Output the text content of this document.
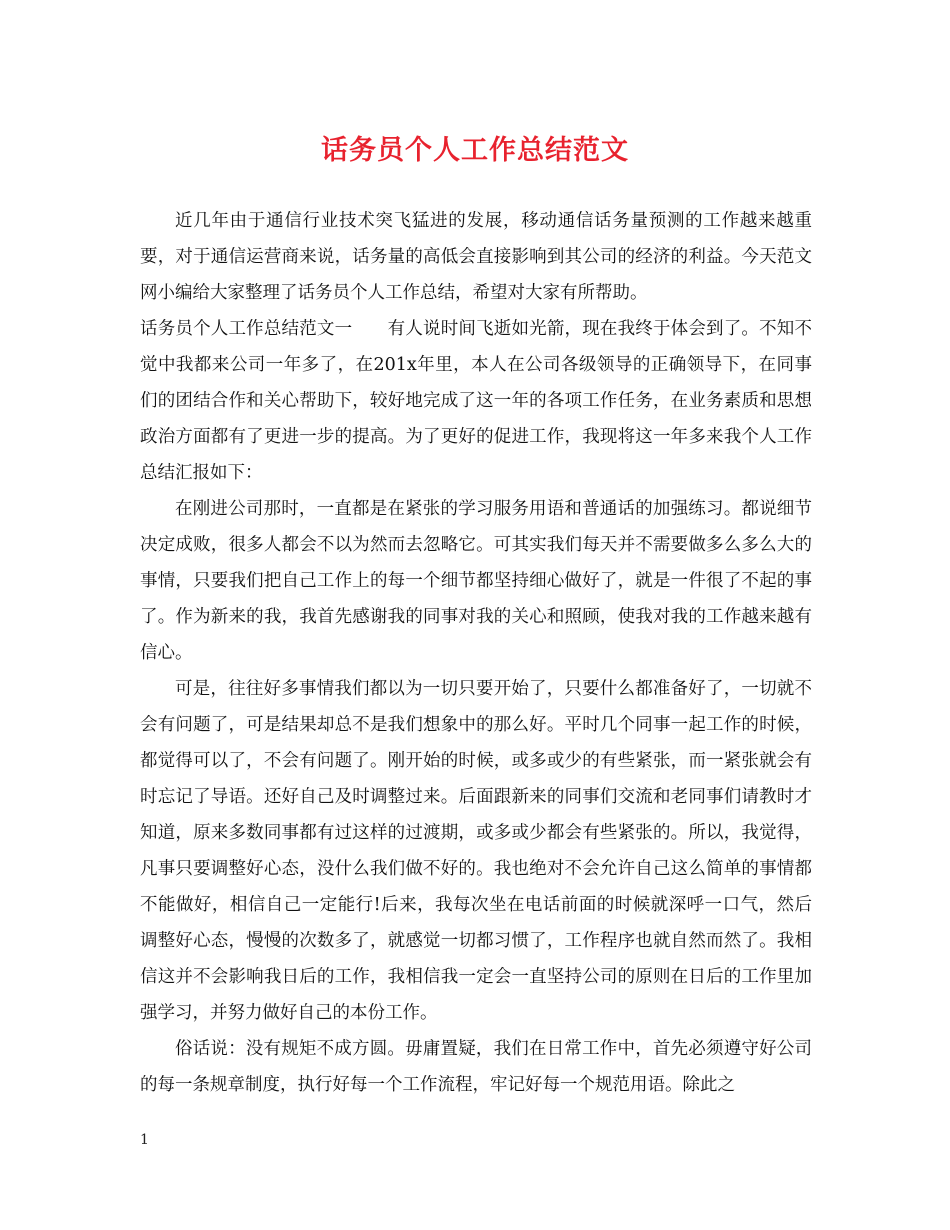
话务员个人工作总结范文

近几年由于通信行业技术突飞猛进的发展，移动通信话务量预测的工作越来越重要，对于通信运营商来说，话务量的高低会直接影响到其公司的经济的利益。今天范文网小编给大家整理了话务员个人工作总结，希望对大家有所帮助。

话务员个人工作总结范文一　　有人说时间飞逝如光箭，现在我终于体会到了。不知不觉中我都来公司一年多了，在201x年里，本人在公司各级领导的正确领导下，在同事们的团结合作和关心帮助下，较好地完成了这一年的各项工作任务，在业务素质和思想政治方面都有了更进一步的提高。为了更好的促进工作，我现将这一年多来我个人工作总结汇报如下：

在刚进公司那时，一直都是在紧张的学习服务用语和普通话的加强练习。都说细节决定成败，很多人都会不以为然而去忽略它。可其实我们每天并不需要做多么多么大的事情，只要我们把自己工作上的每一个细节都坚持细心做好了，就是一件很了不起的事了。作为新来的我，我首先感谢我的同事对我的关心和照顾，使我对我的工作越来越有信心。

可是，往往好多事情我们都以为一切只要开始了，只要什么都准备好了，一切就不会有问题了，可是结果却总不是我们想象中的那么好。平时几个同事一起工作的时候，都觉得可以了，不会有问题了。刚开始的时候，或多或少的有些紧张，而一紧张就会有时忘记了导语。还好自己及时调整过来。后面跟新来的同事们交流和老同事们请教时才知道，原来多数同事都有过这样的过渡期，或多或少都会有些紧张的。所以，我觉得，凡事只要调整好心态，没什么我们做不好的。我也绝对不会允许自己这么简单的事情都不能做好，相信自己一定能行!后来，我每次坐在电话前面的时候就深呼一口气，然后调整好心态，慢慢的次数多了，就感觉一切都习惯了，工作程序也就自然而然了。我相信这并不会影响我日后的工作，我相信我一定会一直坚持公司的原则在日后的工作里加强学习，并努力做好自己的本份工作。

俗话说：没有规矩不成方圆。毋庸置疑，我们在日常工作中，首先必须遵守好公司的每一条规章制度，执行好每一个工作流程，牢记好每一个规范用语。除此之

1
